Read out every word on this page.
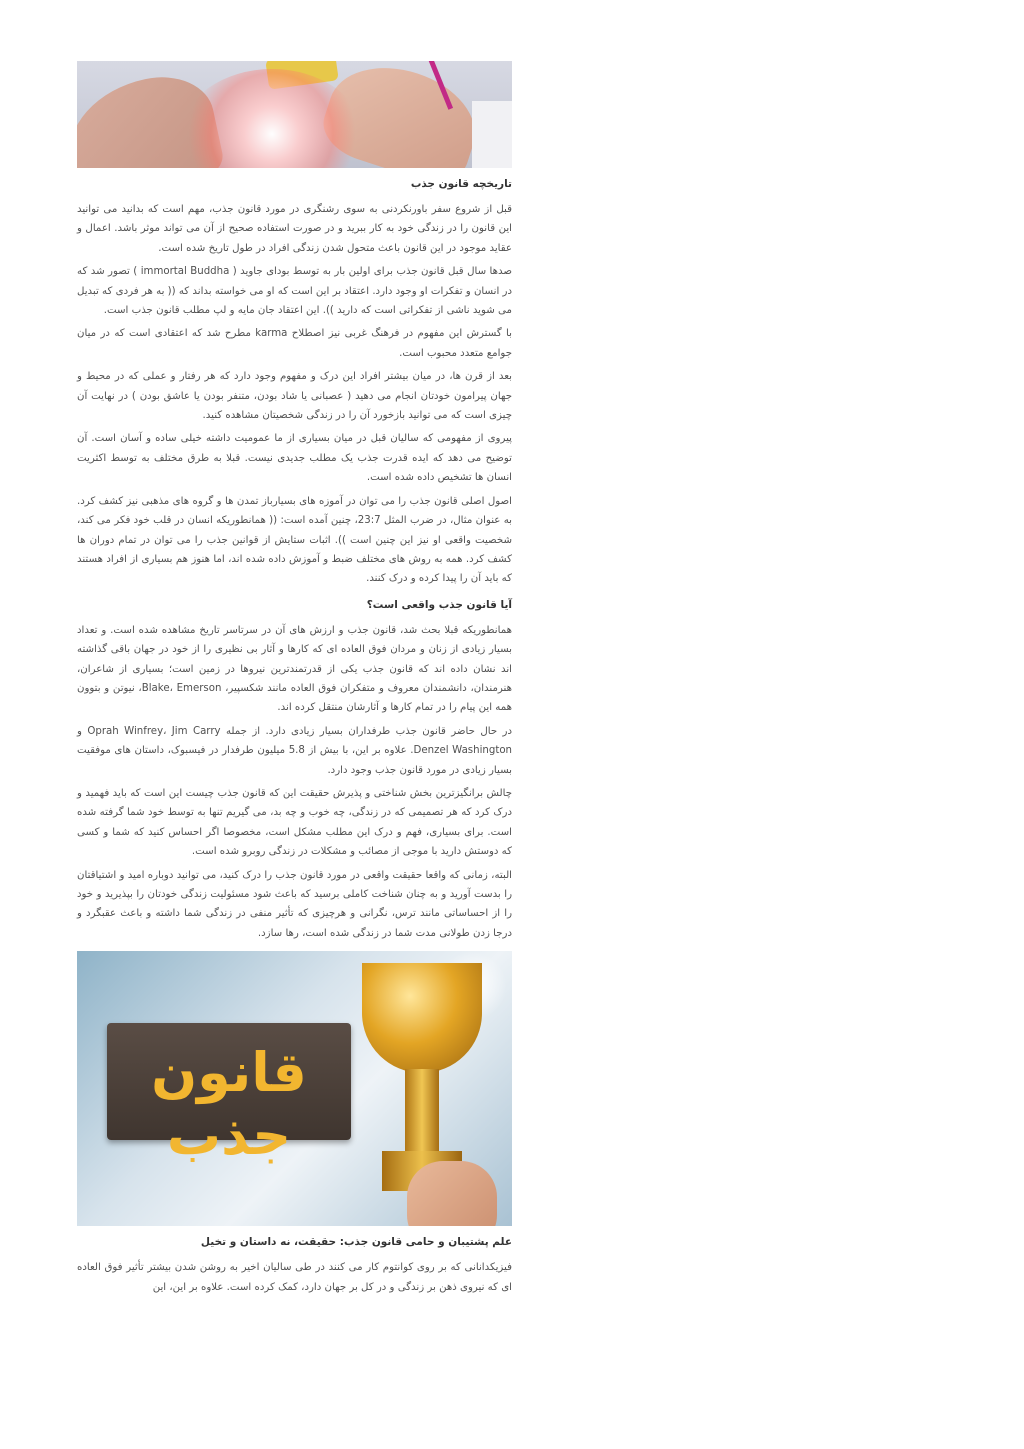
تاریخچه قانون جذب

قبل از شروع سفر باورنکردنی به سوی رشنگری در مورد قانون جذب، مهم است که بدانید می توانید این قانون را در زندگی خود به کار ببرید و در صورت استفاده صحیح از آن می تواند موثر باشد. اعمال و عقاید موجود در این قانون باعث متحول شدن زندگی افراد در طول تاریخ شده است.

صدها سال قبل قانون جذب برای اولین بار به توسط بودای جاوید ( immortal Buddha ) تصور شد که در انسان و تفکرات او وجود دارد. اعتقاد بر این است که او می خواسته بداند که (( به هر فردی که تبدیل می شوید ناشی از تفکراتی است که دارید )). این اعتقاد جان مایه و لپ مطلب قانون جذب است.

با گسترش این مفهوم در فرهنگ غربی نیز اصطلاح karma مطرح شد که اعتقادی است که در میان جوامع متعدد محبوب است.

بعد از قرن ها، در میان بیشتر افراد این درک و مفهوم وجود دارد که هر رفتار و عملی که در محیط و جهان پیرامون خودتان انجام می دهید ( عصبانی یا شاد بودن، متنفر بودن یا عاشق بودن ) در نهایت آن چیزی است که می توانید بازخورد آن را در زندگی شخصیتان مشاهده کنید.

پیروی از مفهومی که سالیان قبل در میان بسیاری از ما عمومیت داشته خیلی ساده و آسان است. آن توضیح می دهد که ایده قدرت جذب یک مطلب جدیدی نیست. قبلا به طرق مختلف به توسط اکثریت انسان ها تشخیص داده شده است.

اصول اصلی قانون جذب را می توان در آموزه های بسیارباز تمدن ها و گروه های مذهبی نیز کشف کرد. به عنوان مثال، در ضرب المثل 23:7، چنین آمده است: (( همانطوریکه انسان در قلب خود فکر می کند، شخصیت واقعی او نیز این چنین است )). اثبات ستایش از قوانین جذب را می توان در تمام دوران ها کشف کرد. همه به روش های مختلف ضبط و آموزش داده شده اند، اما هنوز هم بسیاری از افراد هستند که باید آن را پیدا کرده و درک کنند.

آیا قانون جذب واقعی است؟

همانطوریکه قبلا بحث شد، قانون جذب و ارزش های آن در سرتاسر تاریخ مشاهده شده است. و تعداد بسیار زیادی از زنان و مردان فوق العاده ای که کارها و آثار بی نظیری را از خود در جهان باقی گذاشته اند نشان داده اند که قانون جذب یکی از قدرتمندترین نیروها در زمین است؛ بسیاری از شاعران، هنرمندان، دانشمندان معروف و متفکران فوق العاده مانند شکسپیر، Blake، Emerson، نیوتن و بتوون همه این پیام را در تمام کارها و آثارشان منتقل کرده اند.

در حال حاضر قانون جذب طرفداران بسیار زیادی دارد. از جمله Oprah Winfrey، Jim Carry و Denzel Washington. علاوه بر این، با بیش از 5.8 میلیون طرفدار در فیسبوک، داستان های موفقیت بسیار زیادی در مورد قانون جذب وجود دارد.

چالش برانگیزترین بخش شناختی و پذیرش حقیقت این که قانون جذب چیست این است که باید فهمید و درک کرد که هر تصمیمی که در زندگی، چه خوب و چه بد، می گیریم تنها به توسط خود شما گرفته شده است. برای بسیاری، فهم و درک این مطلب مشکل است، مخصوصا اگر احساس کنید که شما و کسی که دوستش دارید با موجی از مصائب و مشکلات در زندگی روبرو شده است.

البته، زمانی که واقعا حقیقت واقعی در مورد قانون جذب را درک کنید، می توانید دوباره امید و اشتیاقتان را بدست آورید و به چنان شناخت کاملی برسید که باعث شود مسئولیت زندگی خودتان را بپذیرید و خود را از احساساتی مانند ترس، نگرانی و هرچیزی که تأثیر منفی در زندگی شما داشته و باعث عقبگرد و درجا زدن طولانی مدت شما در زندگی شده است، رها سازد.

قانون جذب
علم پشتیبان و حامی قانون جذب: حقیقت، نه داستان و تخیل

فیزیکدانانی که بر روی کوانتوم کار می کنند در طی سالیان اخیر به روشن شدن بیشتر تأثیر فوق العاده ای که نیروی ذهن بر زندگی و در کل بر جهان دارد، کمک کرده است. علاوه بر این، این
